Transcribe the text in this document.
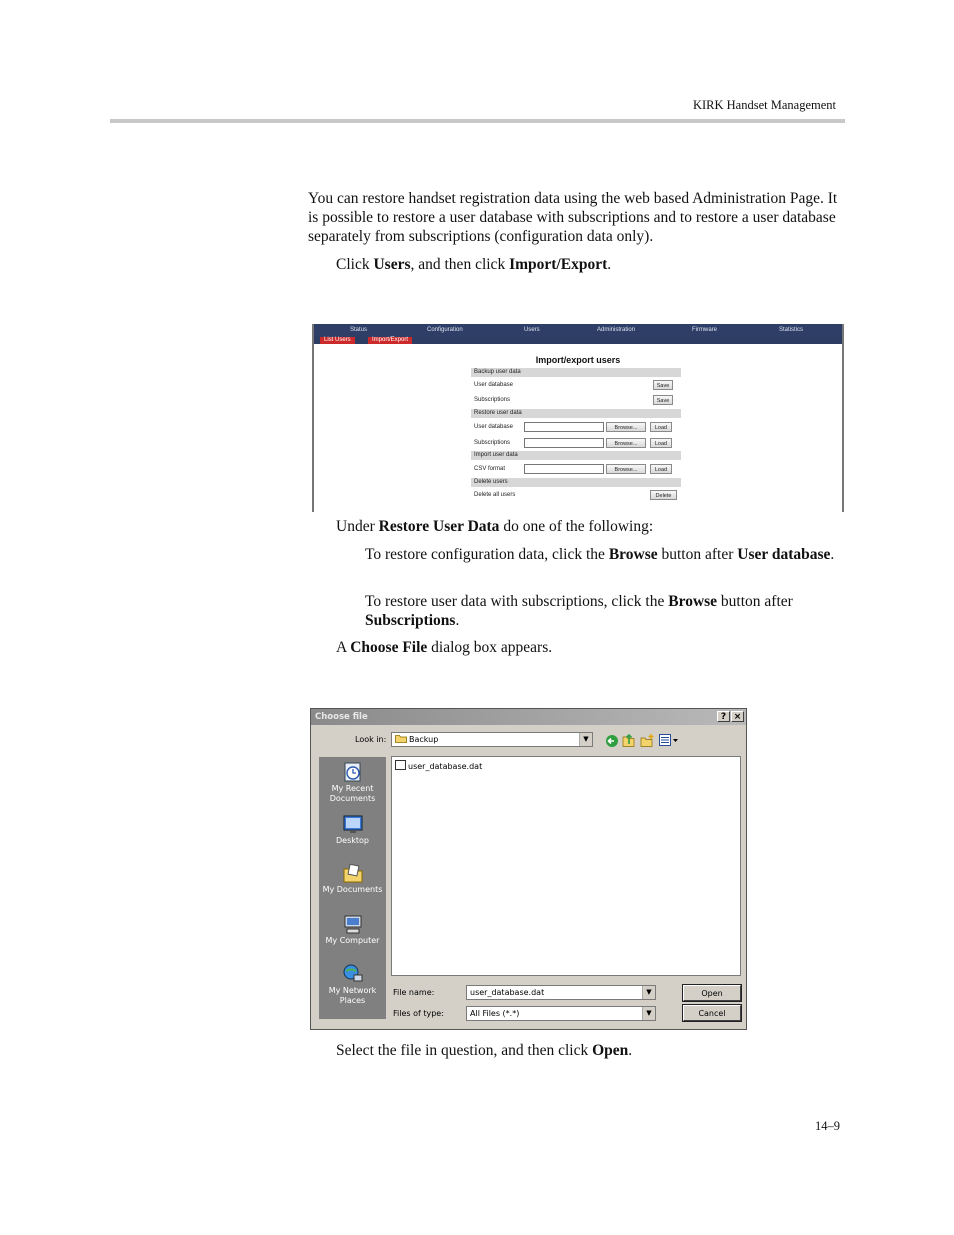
KIRK Handset Management
You can restore handset registration data using the web based Administration Page. It is possible to restore a user database with subscriptions and to restore a user database separately from subscriptions (configuration data only).
Click Users, and then click Import/Export.
Status	Configuration	Users	Administration	Firmware	Statistics
List Users	Import/Export
Import/export users
Backup user data
User database	Save
Subscriptions	Save
Restore user data
User database	Browse...	Load
Subscriptions	Browse...	Load
Import user data
CSV format	Browse...	Load
Delete users
Delete all users	Delete
Under Restore User Data do one of the following:
To restore configuration data, click the Browse button after User database.
To restore user data with subscriptions, click the Browse button after Subscriptions.
A Choose File dialog box appears.
Choose file	? ×
Look in:	Backup	▼
My Recent Documents
Desktop
My Documents
My Computer
My Network Places
user_database.dat
File name:	user_database.dat	▼
Files of type:	All Files (*.*)	▼
Open
Cancel
Select the file in question, and then click Open.
14–9
